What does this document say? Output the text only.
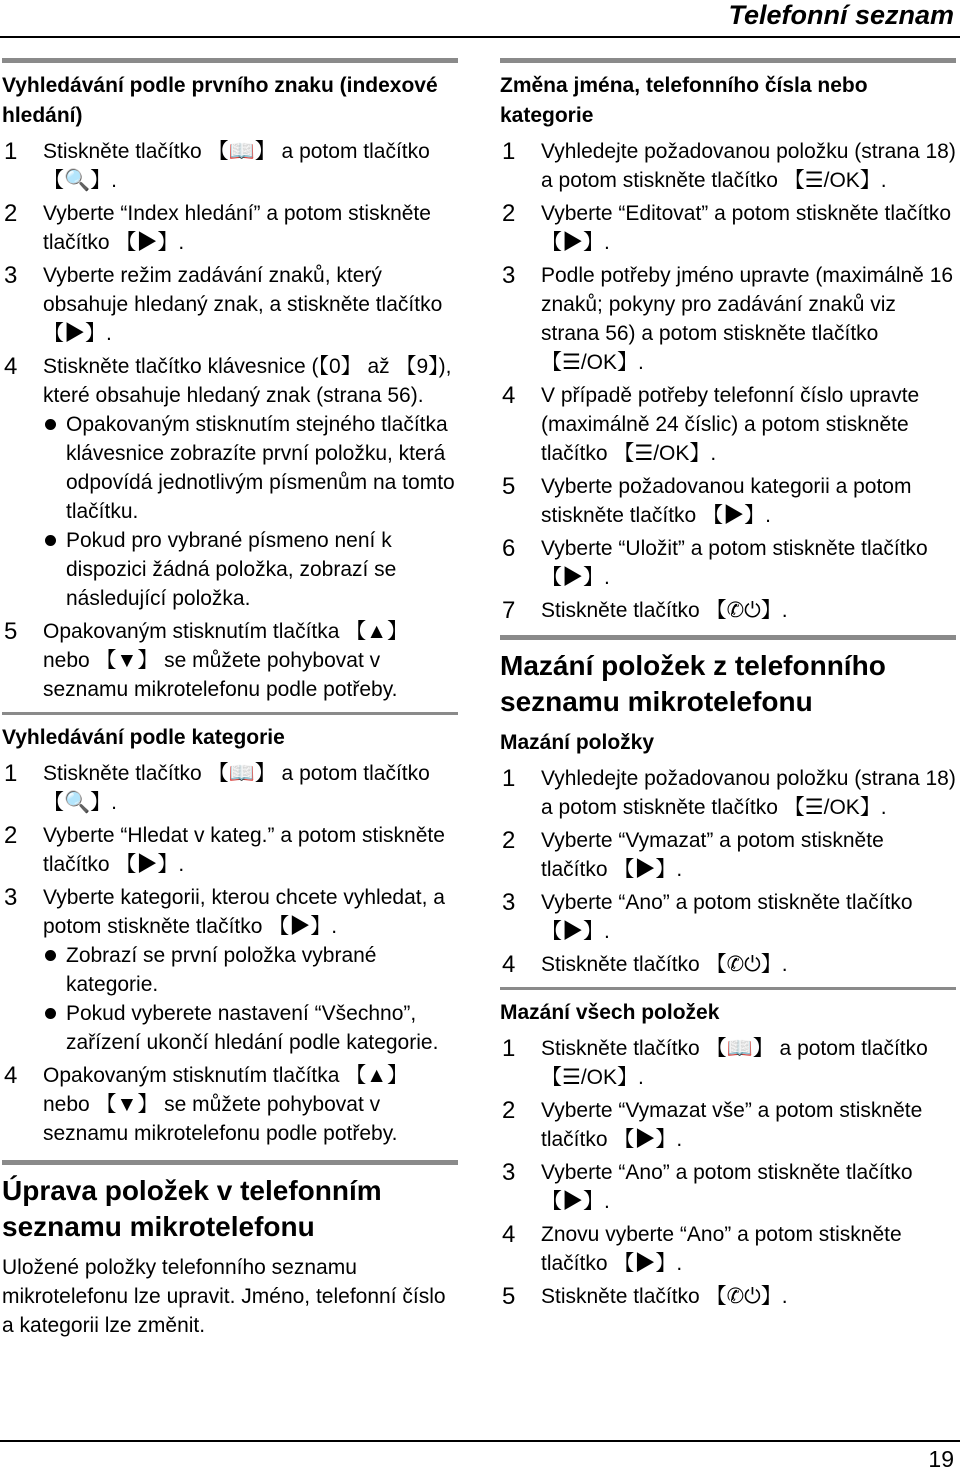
Telefonní seznam
Vyhledávání podle prvního znaku (indexové hledání)
1 Stiskněte tlačítko 【📖】 a potom tlačítko 【🔍】.
2 Vyberte “Index hledání” a potom stiskněte tlačítko 【▶】.
3 Vyberte režim zadávání znaků, který obsahuje hledaný znak, a stiskněte tlačítko 【▶】.
4 Stiskněte tlačítko klávesnice (【0】 až 【9】), které obsahuje hledaný znak (strana 56).
Opakovaným stisknutím stejného tlačítka klávesnice zobrazíte první položku, která odpovídá jednotlivým písmenům na tomto tlačítku.
Pokud pro vybrané písmeno není k dispozici žádná položka, zobrazí se následující položka.
5 Opakovaným stisknutím tlačítka 【▲】 nebo 【▼】 se můžete pohybovat v seznamu mikrotelefonu podle potřeby.
Vyhledávání podle kategorie
1 Stiskněte tlačítko 【📖】 a potom tlačítko 【🔍】.
2 Vyberte “Hledat v kateg.” a potom stiskněte tlačítko 【▶】.
3 Vyberte kategorii, kterou chcete vyhledat, a potom stiskněte tlačítko 【▶】.
Zobrazí se první položka vybrané kategorie.
Pokud vyberete nastavení “Všechno”, zařízení ukončí hledání podle kategorie.
4 Opakovaným stisknutím tlačítka 【▲】 nebo 【▼】 se můžete pohybovat v seznamu mikrotelefonu podle potřeby.
Úprava položek v telefonním seznamu mikrotelefonu

Uložené položky telefonního seznamu mikrotelefonu lze upravit. Jméno, telefonní číslo a kategorii lze změnit.

Změna jména, telefonního čísla nebo kategorie
1 Vyhledejte požadovanou položku (strana 18) a potom stiskněte tlačítko 【☰/OK】.
2 Vyberte “Editovat” a potom stiskněte tlačítko 【▶】.
3 Podle potřeby jméno upravte (maximálně 16 znaků; pokyny pro zadávání znaků viz strana 56) a potom stiskněte tlačítko 【☰/OK】.
4 V případě potřeby telefonní číslo upravte (maximálně 24 číslic) a potom stiskněte tlačítko 【☰/OK】.
5 Vyberte požadovanou kategorii a potom stiskněte tlačítko 【▶】.
6 Vyberte “Uložit” a potom stiskněte tlačítko 【▶】.
7 Stiskněte tlačítko 【✆⏻】.
Mazání položek z telefonního seznamu mikrotelefonu
Mazání položky
1 Vyhledejte požadovanou položku (strana 18) a potom stiskněte tlačítko 【☰/OK】.
2 Vyberte “Vymazat” a potom stiskněte tlačítko 【▶】.
3 Vyberte “Ano” a potom stiskněte tlačítko 【▶】.
4 Stiskněte tlačítko 【✆⏻】.
Mazání všech položek
1 Stiskněte tlačítko 【📖】 a potom tlačítko 【☰/OK】.
2 Vyberte “Vymazat vše” a potom stiskněte tlačítko 【▶】.
3 Vyberte “Ano” a potom stiskněte tlačítko 【▶】.
4 Znovu vyberte “Ano” a potom stiskněte tlačítko 【▶】.
5 Stiskněte tlačítko 【✆⏻】.
19
